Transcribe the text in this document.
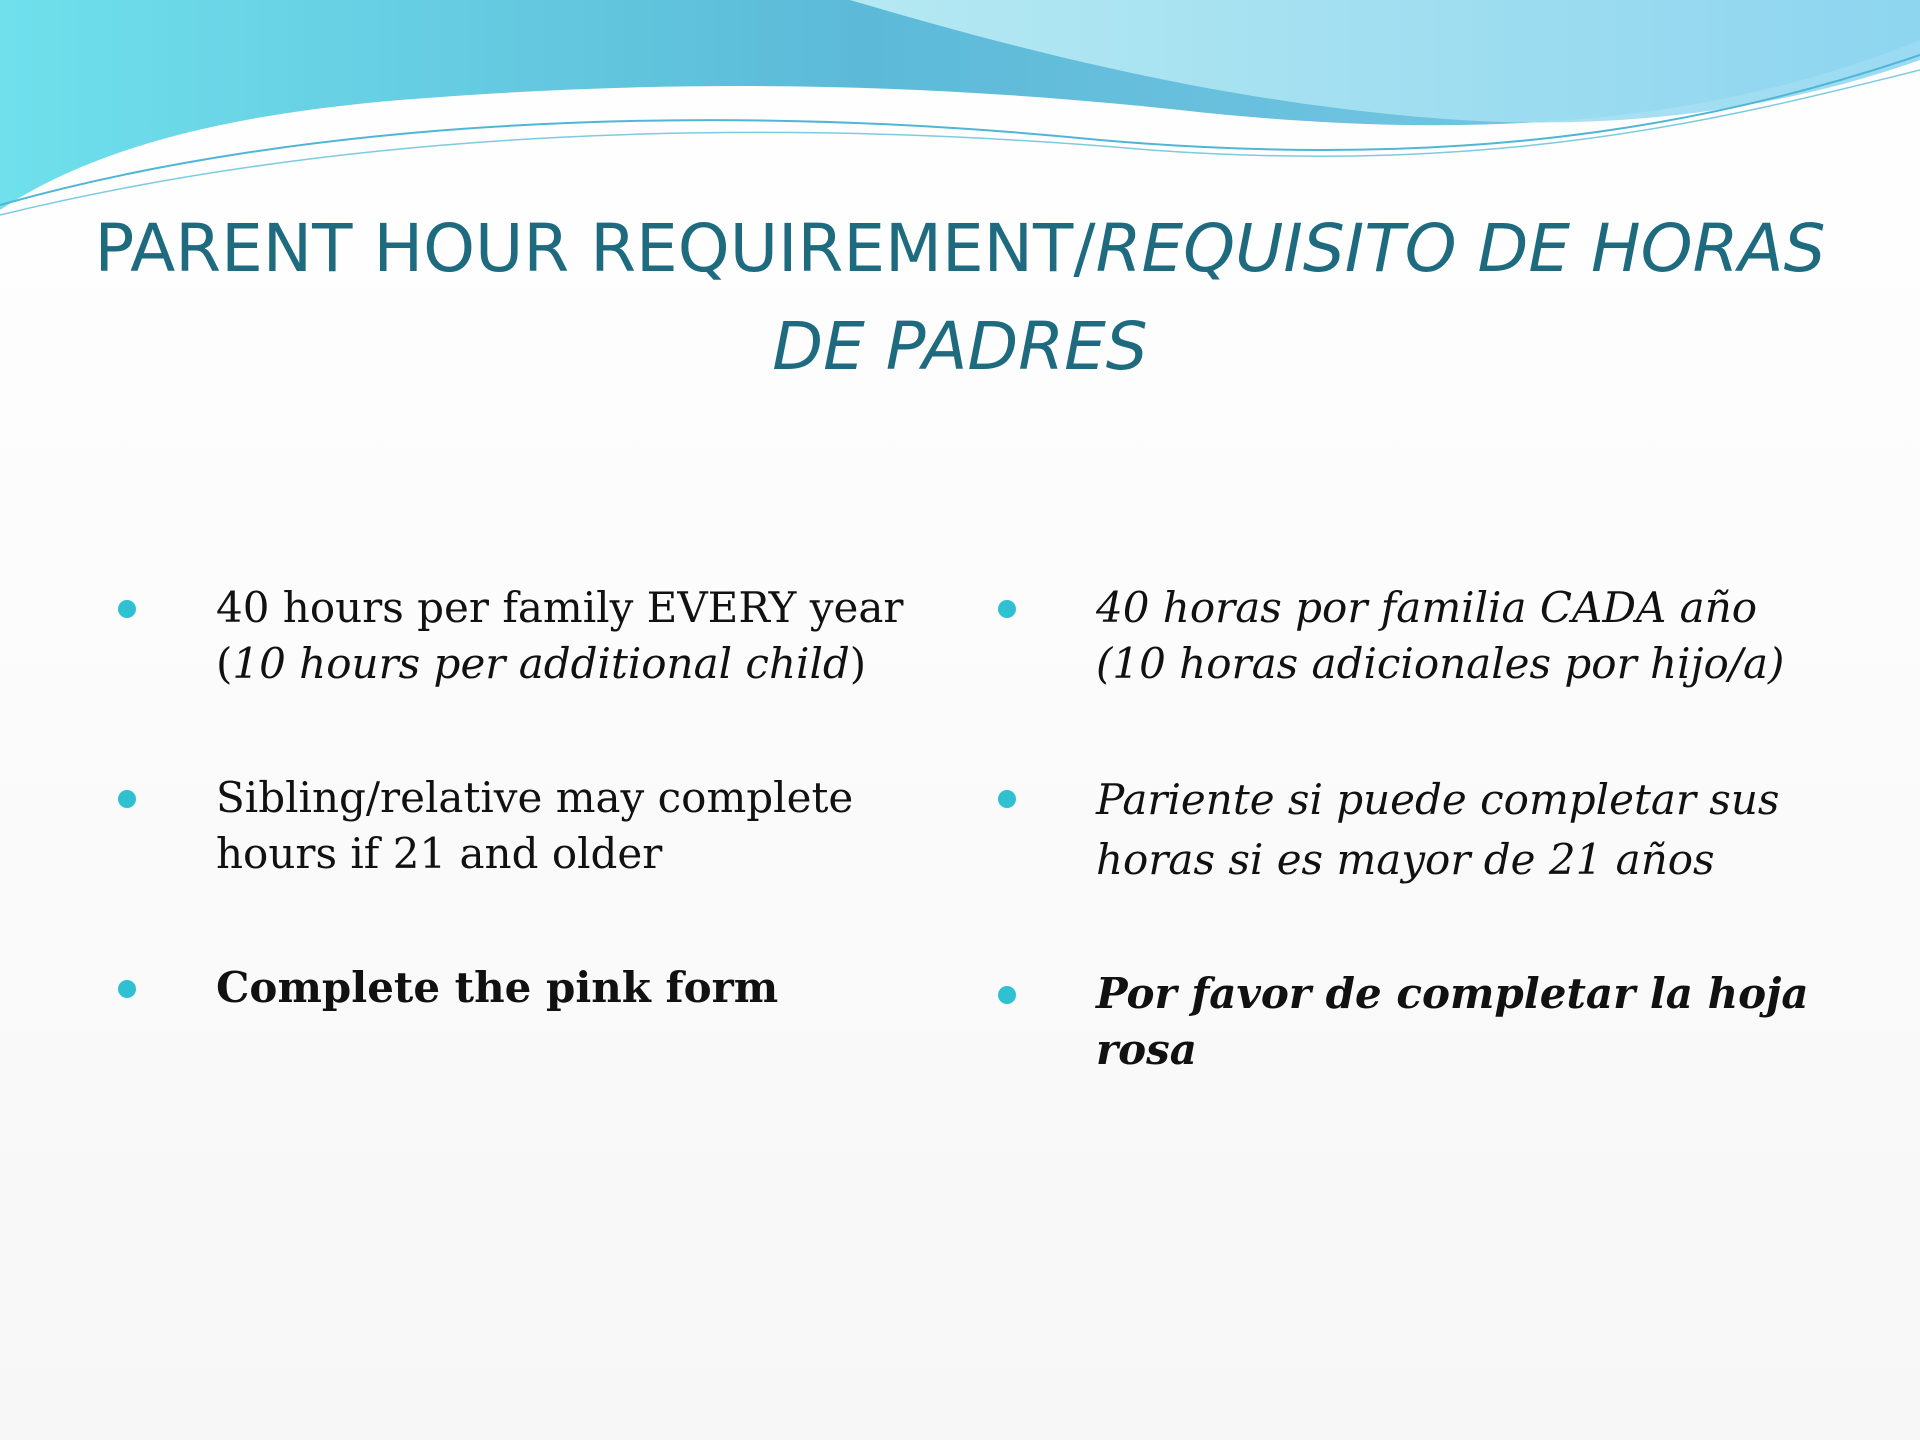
PARENT HOUR REQUIREMENT/REQUISITO DE HORAS DE PADRES
40 hours per family EVERY year (10 hours per additional child)
Sibling/relative may complete hours if 21 and older
Complete the pink form
40 horas por familia CADA año (10 horas adicionales por hijo/a)
Pariente si puede completar sus horas si es mayor de 21 años
Por favor de completar la hoja rosa
